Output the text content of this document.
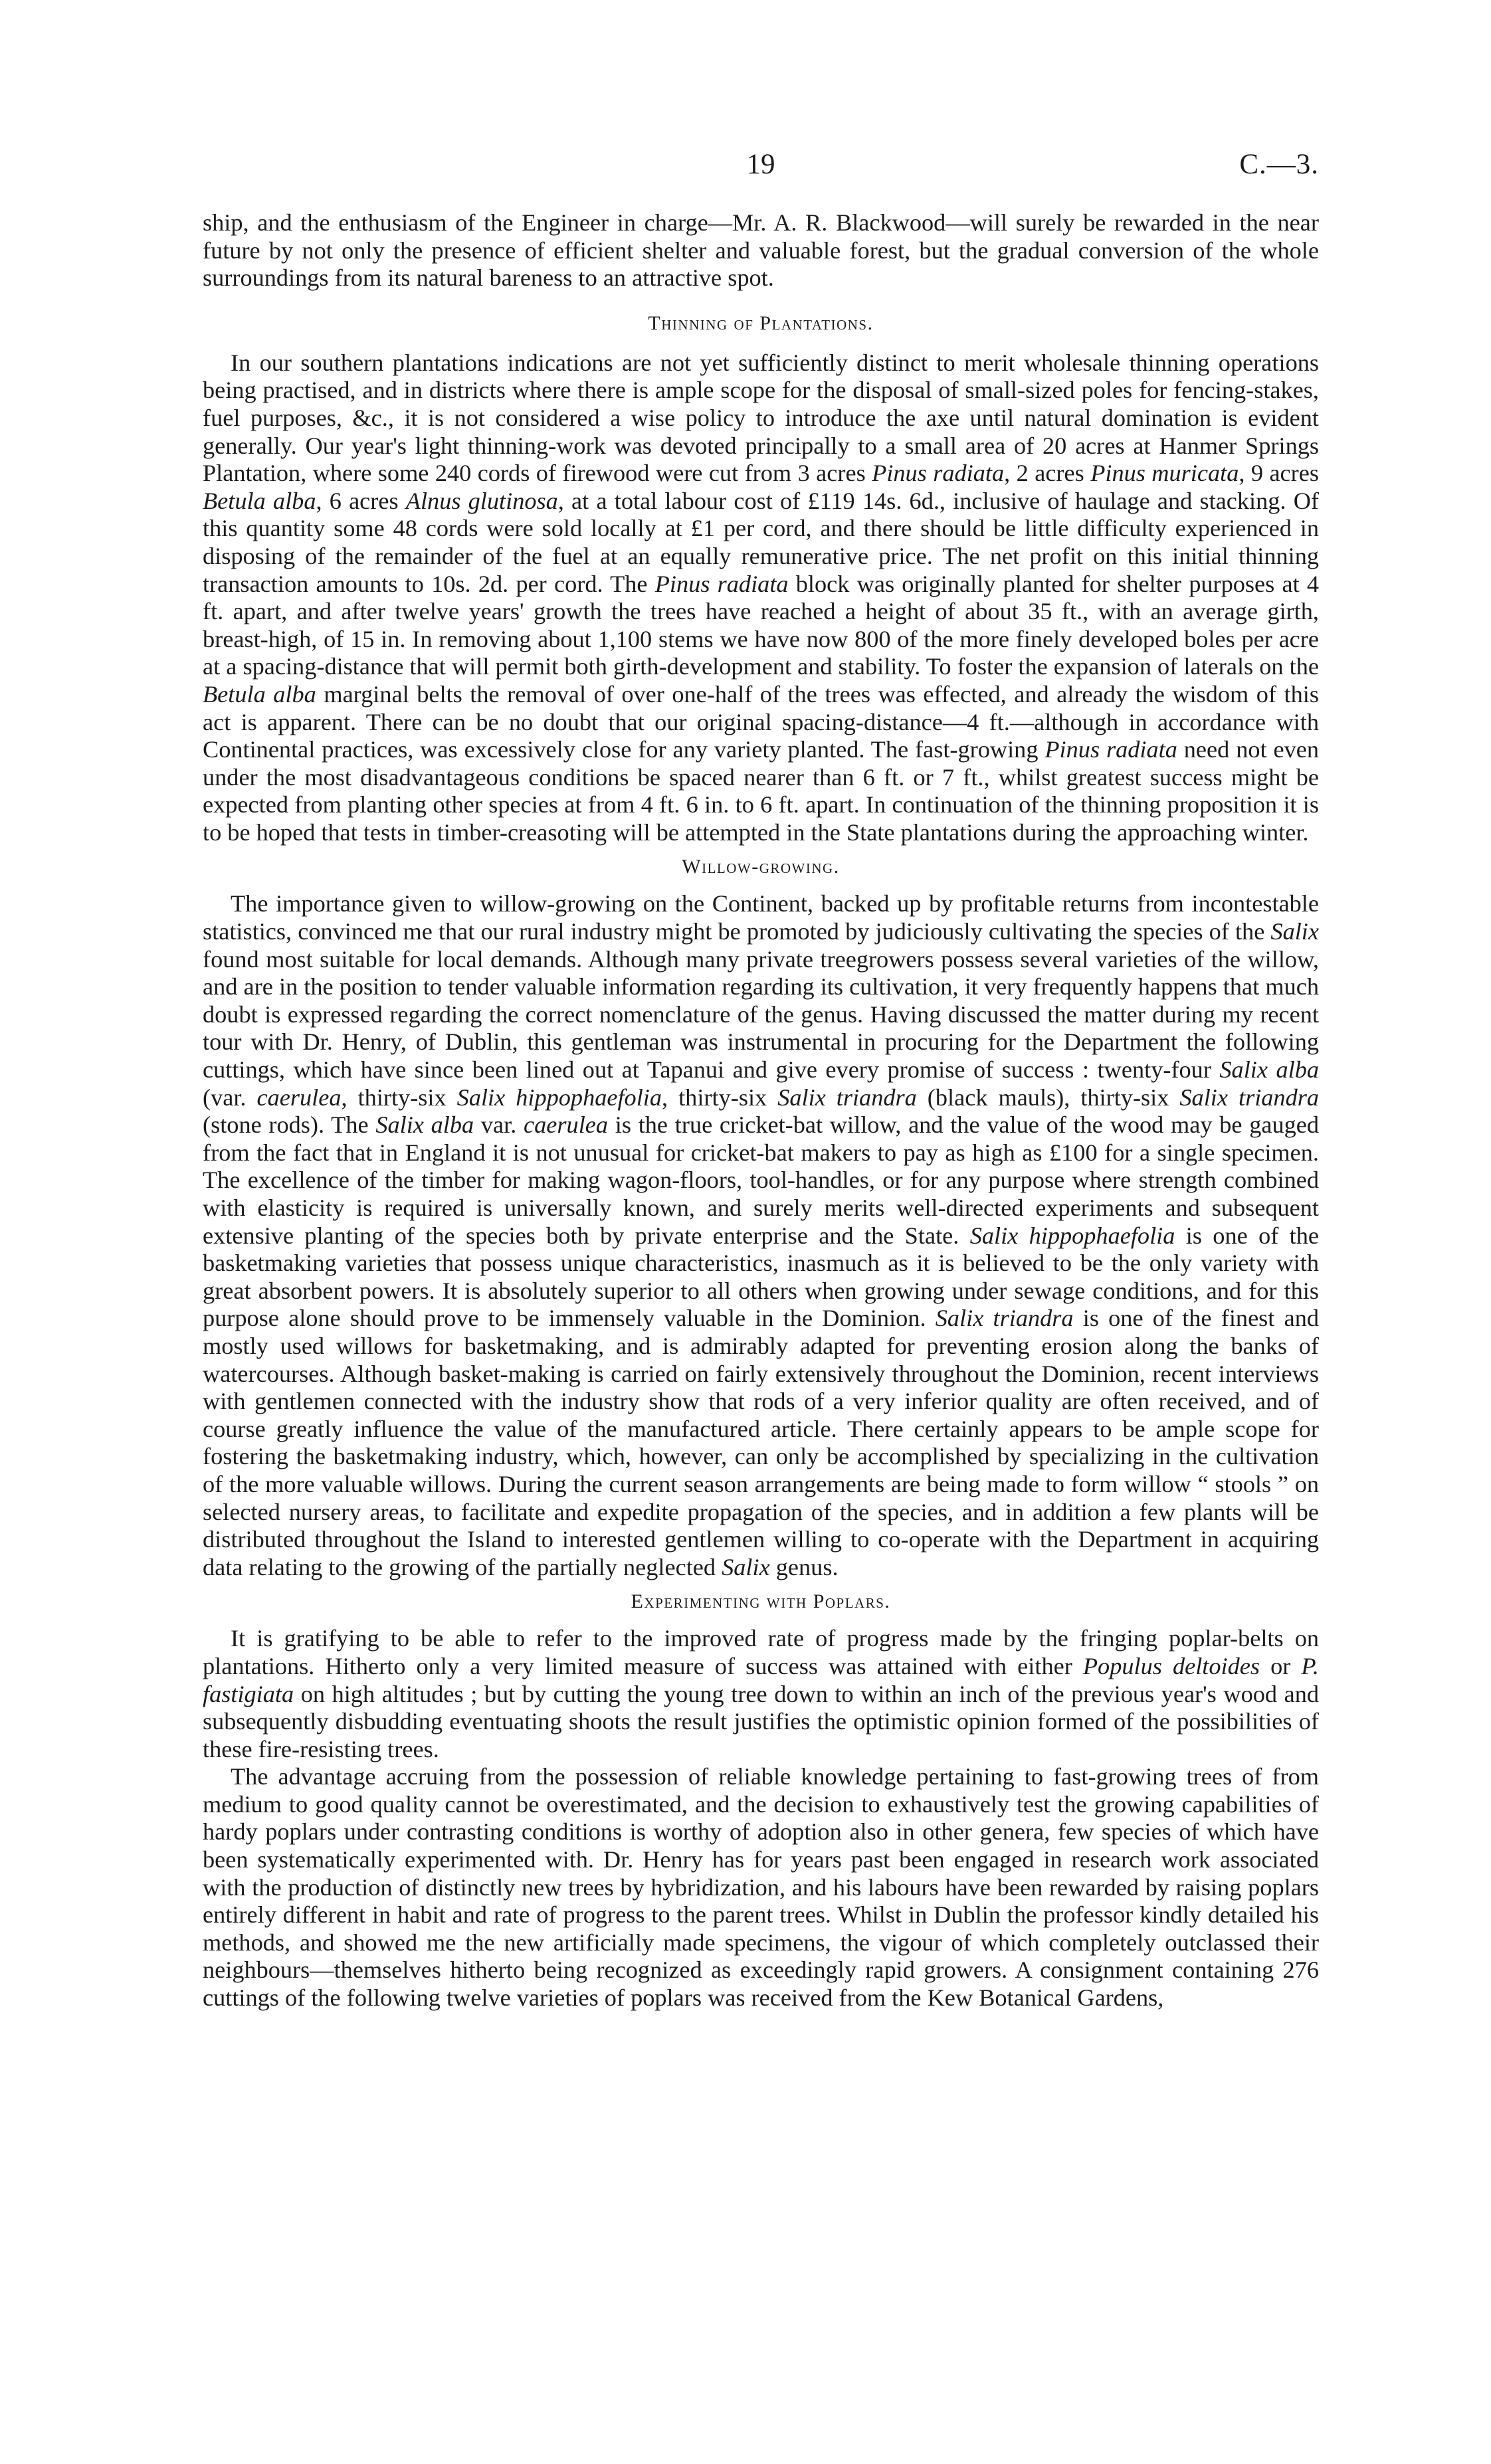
19	C.—3.

ship, and the enthusiasm of the Engineer in charge—Mr. A. R. Blackwood—will surely be rewarded in the near future by not only the presence of efficient shelter and valuable forest, but the gradual conversion of the whole surroundings from its natural bareness to an attractive spot.

Thinning of Plantations.

In our southern plantations indications are not yet sufficiently distinct to merit wholesale thinning operations being practised, and in districts where there is ample scope for the disposal of small-sized poles for fencing-stakes, fuel purposes, &c., it is not considered a wise policy to introduce the axe until natural domination is evident generally. Our year's light thinning-work was devoted principally to a small area of 20 acres at Hanmer Springs Plantation, where some 240 cords of firewood were cut from 3 acres Pinus radiata, 2 acres Pinus muricata, 9 acres Betula alba, 6 acres Alnus glutinosa, at a total labour cost of £119 14s. 6d., inclusive of haulage and stacking. Of this quantity some 48 cords were sold locally at £1 per cord, and there should be little difficulty experienced in disposing of the remainder of the fuel at an equally remunerative price. The net profit on this initial thinning transaction amounts to 10s. 2d. per cord. The Pinus radiata block was originally planted for shelter purposes at 4 ft. apart, and after twelve years' growth the trees have reached a height of about 35 ft., with an average girth, breast-high, of 15 in. In removing about 1,100 stems we have now 800 of the more finely developed boles per acre at a spacing-distance that will permit both girth-development and stability. To foster the expansion of laterals on the Betula alba marginal belts the removal of over one-half of the trees was effected, and already the wisdom of this act is apparent. There can be no doubt that our original spacing-distance—4 ft.—although in accordance with Continental practices, was excessively close for any variety planted. The fast-growing Pinus radiata need not even under the most disadvantageous conditions be spaced nearer than 6 ft. or 7 ft., whilst greatest success might be expected from planting other species at from 4 ft. 6 in. to 6 ft. apart. In continuation of the thinning proposition it is to be hoped that tests in timber-creasoting will be attempted in the State plantations during the approaching winter.

Willow-growing.

The importance given to willow-growing on the Continent, backed up by profitable returns from incontestable statistics, convinced me that our rural industry might be promoted by judiciously cultivating the species of the Salix found most suitable for local demands. Although many private treegrowers possess several varieties of the willow, and are in the position to tender valuable information regarding its cultivation, it very frequently happens that much doubt is expressed regarding the correct nomenclature of the genus. Having discussed the matter during my recent tour with Dr. Henry, of Dublin, this gentleman was instrumental in procuring for the Department the following cuttings, which have since been lined out at Tapanui and give every promise of success : twenty-four Salix alba (var. caerulea, thirty-six Salix hippophaefolia, thirty-six Salix triandra (black mauls), thirty-six Salix triandra (stone rods). The Salix alba var. caerulea is the true cricket-bat willow, and the value of the wood may be gauged from the fact that in England it is not unusual for cricket-bat makers to pay as high as £100 for a single specimen. The excellence of the timber for making wagon-floors, tool-handles, or for any purpose where strength combined with elasticity is required is universally known, and surely merits well-directed experiments and subsequent extensive planting of the species both by private enterprise and the State. Salix hippophaefolia is one of the basketmaking varieties that possess unique characteristics, inasmuch as it is believed to be the only variety with great absorbent powers. It is absolutely superior to all others when growing under sewage conditions, and for this purpose alone should prove to be immensely valuable in the Dominion. Salix triandra is one of the finest and mostly used willows for basketmaking, and is admirably adapted for preventing erosion along the banks of watercourses. Although basket-making is carried on fairly extensively throughout the Dominion, recent interviews with gentlemen connected with the industry show that rods of a very inferior quality are often received, and of course greatly influence the value of the manufactured article. There certainly appears to be ample scope for fostering the basketmaking industry, which, however, can only be accomplished by specializing in the cultivation of the more valuable willows. During the current season arrangements are being made to form willow “ stools ” on selected nursery areas, to facilitate and expedite propagation of the species, and in addition a few plants will be distributed throughout the Island to interested gentlemen willing to co-operate with the Department in acquiring data relating to the growing of the partially neglected Salix genus.

Experimenting with Poplars.

It is gratifying to be able to refer to the improved rate of progress made by the fringing poplar-belts on plantations. Hitherto only a very limited measure of success was attained with either Populus deltoides or P. fastigiata on high altitudes ; but by cutting the young tree down to within an inch of the previous year's wood and subsequently disbudding eventuating shoots the result justifies the optimistic opinion formed of the possibilities of these fire-resisting trees.

The advantage accruing from the possession of reliable knowledge pertaining to fast-growing trees of from medium to good quality cannot be overestimated, and the decision to exhaustively test the growing capabilities of hardy poplars under contrasting conditions is worthy of adoption also in other genera, few species of which have been systematically experimented with. Dr. Henry has for years past been engaged in research work associated with the production of distinctly new trees by hybridization, and his labours have been rewarded by raising poplars entirely different in habit and rate of progress to the parent trees. Whilst in Dublin the professor kindly detailed his methods, and showed me the new artificially made specimens, the vigour of which completely outclassed their neighbours—themselves hitherto being recognized as exceedingly rapid growers. A consignment containing 276 cuttings of the following twelve varieties of poplars was received from the Kew Botanical Gardens,
